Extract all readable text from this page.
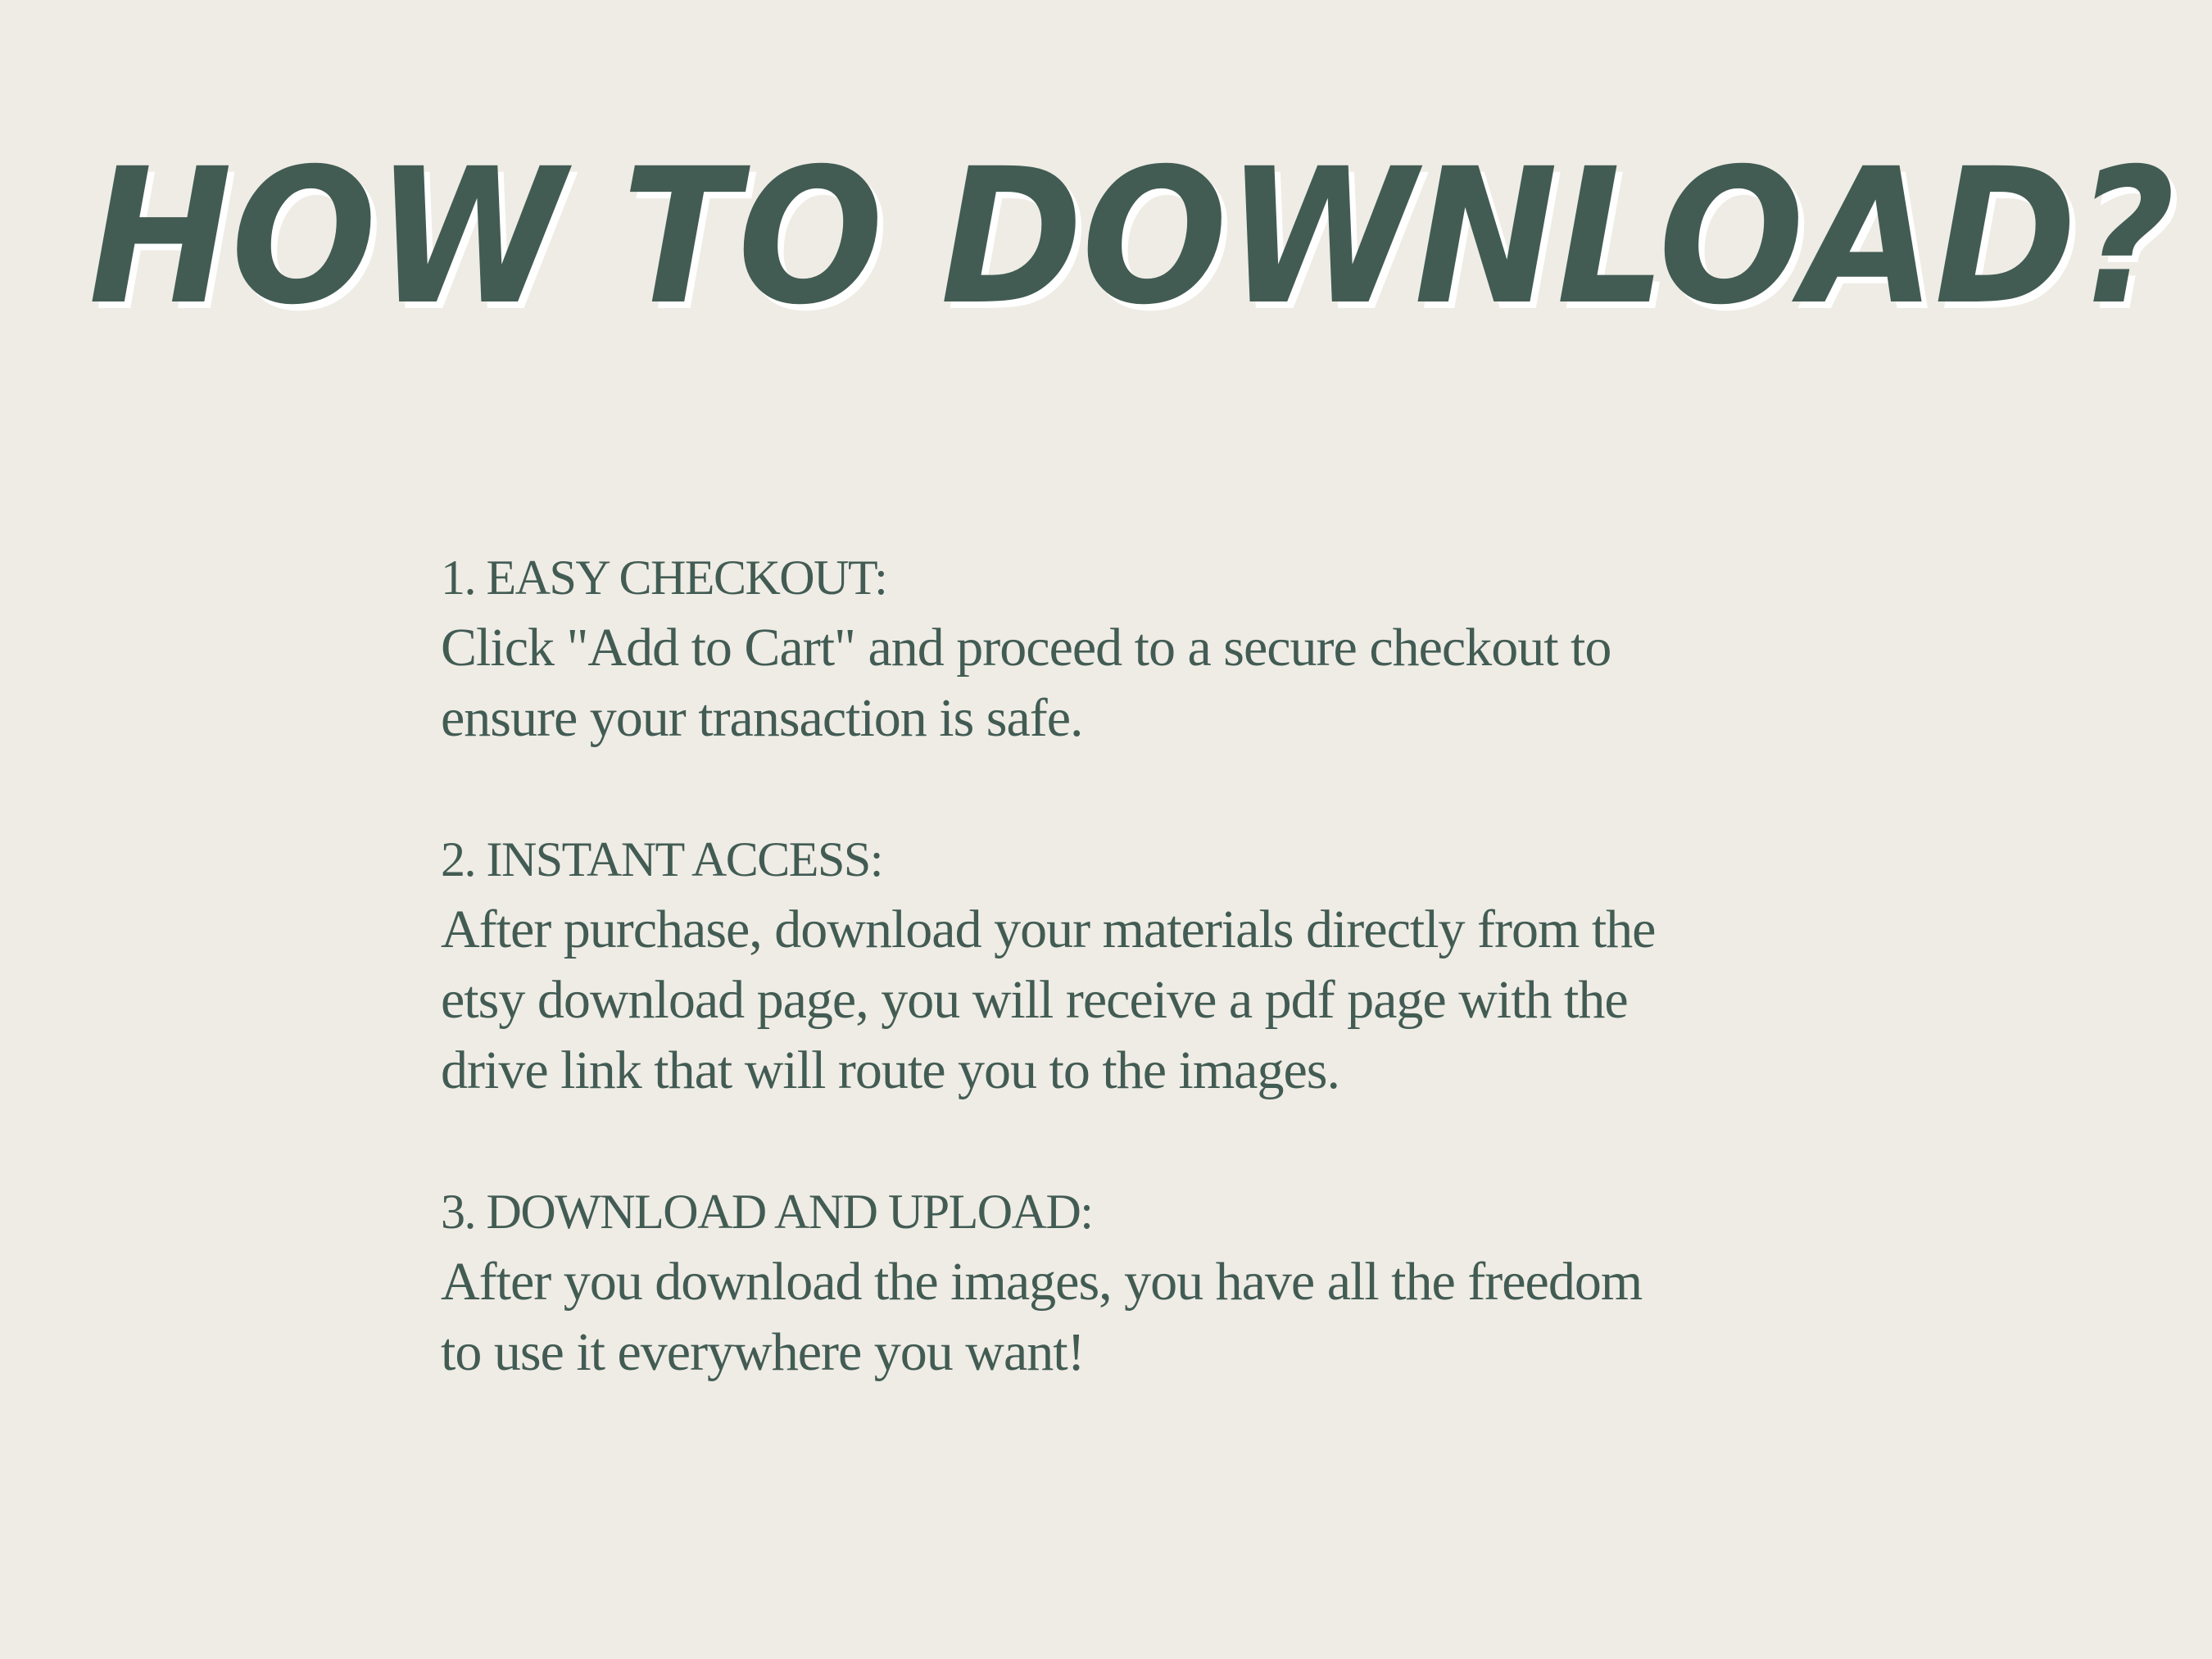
HOW TO DOWNLOAD?
1. EASY CHECKOUT:
Click "Add to Cart" and proceed to a secure checkout to
ensure your transaction is safe.
2. INSTANT ACCESS:
After purchase, download your materials directly from the
etsy download page, you will receive a pdf page with the
drive link that will route you to the images.
3. DOWNLOAD AND UPLOAD:
After you download the images, you have all the freedom
to use it everywhere you want!
